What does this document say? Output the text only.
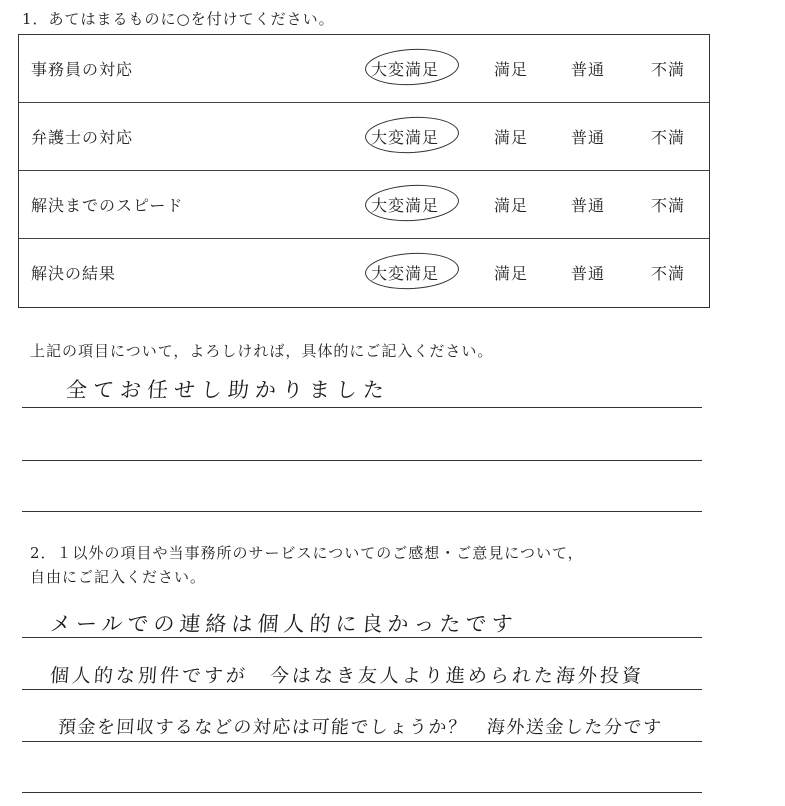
1．あてはまるものに○を付けてください。
事務員の対応	大変満足	満足	普通	不満
弁護士の対応	大変満足	満足	普通	不満
解決までのスピード	大変満足	満足	普通	不満
解決の結果	大変満足	満足	普通	不満
上記の項目について，よろしければ，具体的にご記入ください。
全てお任せし助かりました
2．１以外の項目や当事務所のサービスについてのご感想・ご意見について，
自由にご記入ください。
メールでの連絡は個人的に良かったです
個人的な別件ですが　今はなき友人より進められた海外投資
預金を回収するなどの対応は可能でしょうか？　海外送金した分です
